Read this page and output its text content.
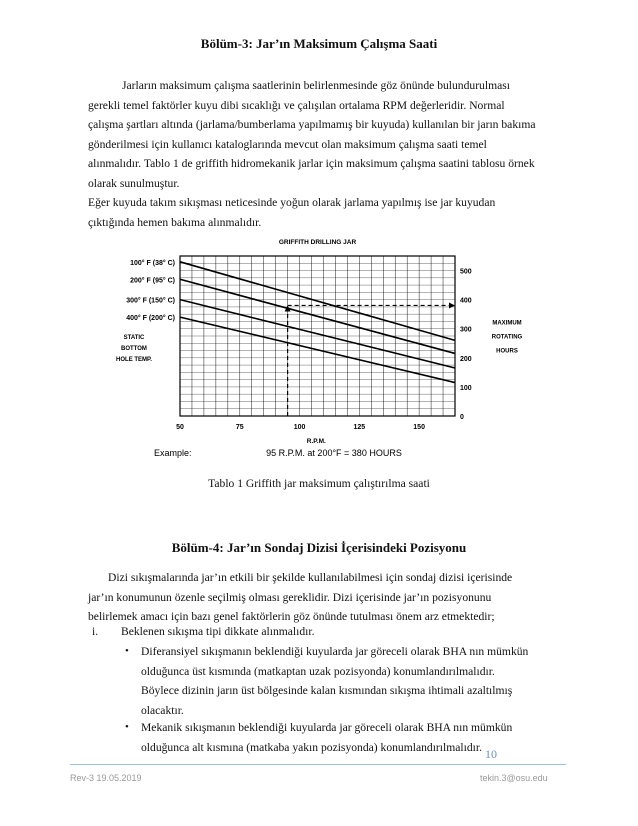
Bölüm-3: Jar’ın Maksimum Çalışma Saati
Jarların maksimum çalışma saatlerinin belirlenmesinde göz önünde bulundurulması
gerekli temel faktörler kuyu dibi sıcaklığı ve çalışılan ortalama RPM değerleridir. Normal
çalışma şartları altında (jarlama/bumberlama yapılmamış bir kuyuda) kullanılan bir jarın bakıma
gönderilmesi için kullanıcı kataloglarında mevcut olan maksimum çalışma saati temel
alınmalıdır. Tablo 1 de griffith hidromekanik jarlar için maksimum çalışma saatini tablosu örnek
olarak sunulmuştur.
Eğer kuyuda takım sıkışması neticesinde yoğun olarak jarlama yapılmış ise jar kuyudan
çıktığında hemen bakıma alınmalıdır.
GRIFFITH DRILLING JAR
50	75	100	125	150
0
100
200
300
400
500
MAXIMUM
ROTATING
HOURS
100° F (38° C)
200° F (95° C)
300° F (150° C)
400° F (200° C)
STATIC
BOTTOM
HOLE TEMP.
R.P.M.
Example:	95 R.P.M. at 200°F = 380 HOURS
Tablo 1 Griffith jar maksimum çalıştırılma saati
Bölüm-4: Jar’ın Sondaj Dizisi İçerisindeki Pozisyonu
Dizi sıkışmalarında jar’ın etkili bir şekilde kullanılabilmesi için sondaj dizisi içerisinde
jar’ın konumunun özenle seçilmiş olması gereklidir. Dizi içerisinde jar’ın pozisyonunu
belirlemek amacı için bazı genel faktörlerin göz önünde tutulması önem arz etmektedir;
i. Beklenen sıkışma tipi dikkate alınmalıdır.
• Diferansiyel sıkışmanın beklendiği kuyularda jar göreceli olarak BHA nın mümkün
olduğunca üst kısmında (matkaptan uzak pozisyonda) konumlandırılmalıdır.
Böylece dizinin jarın üst bölgesinde kalan kısmından sıkışma ihtimali azaltılmış
olacaktır.
• Mekanik sıkışmanın beklendiği kuyularda jar göreceli olarak BHA nın mümkün
olduğunca alt kısmına (matkaba yakın pozisyonda) konumlandırılmalıdır. 10
Rev-3 19.05.2019	tekin.3@osu.edu
